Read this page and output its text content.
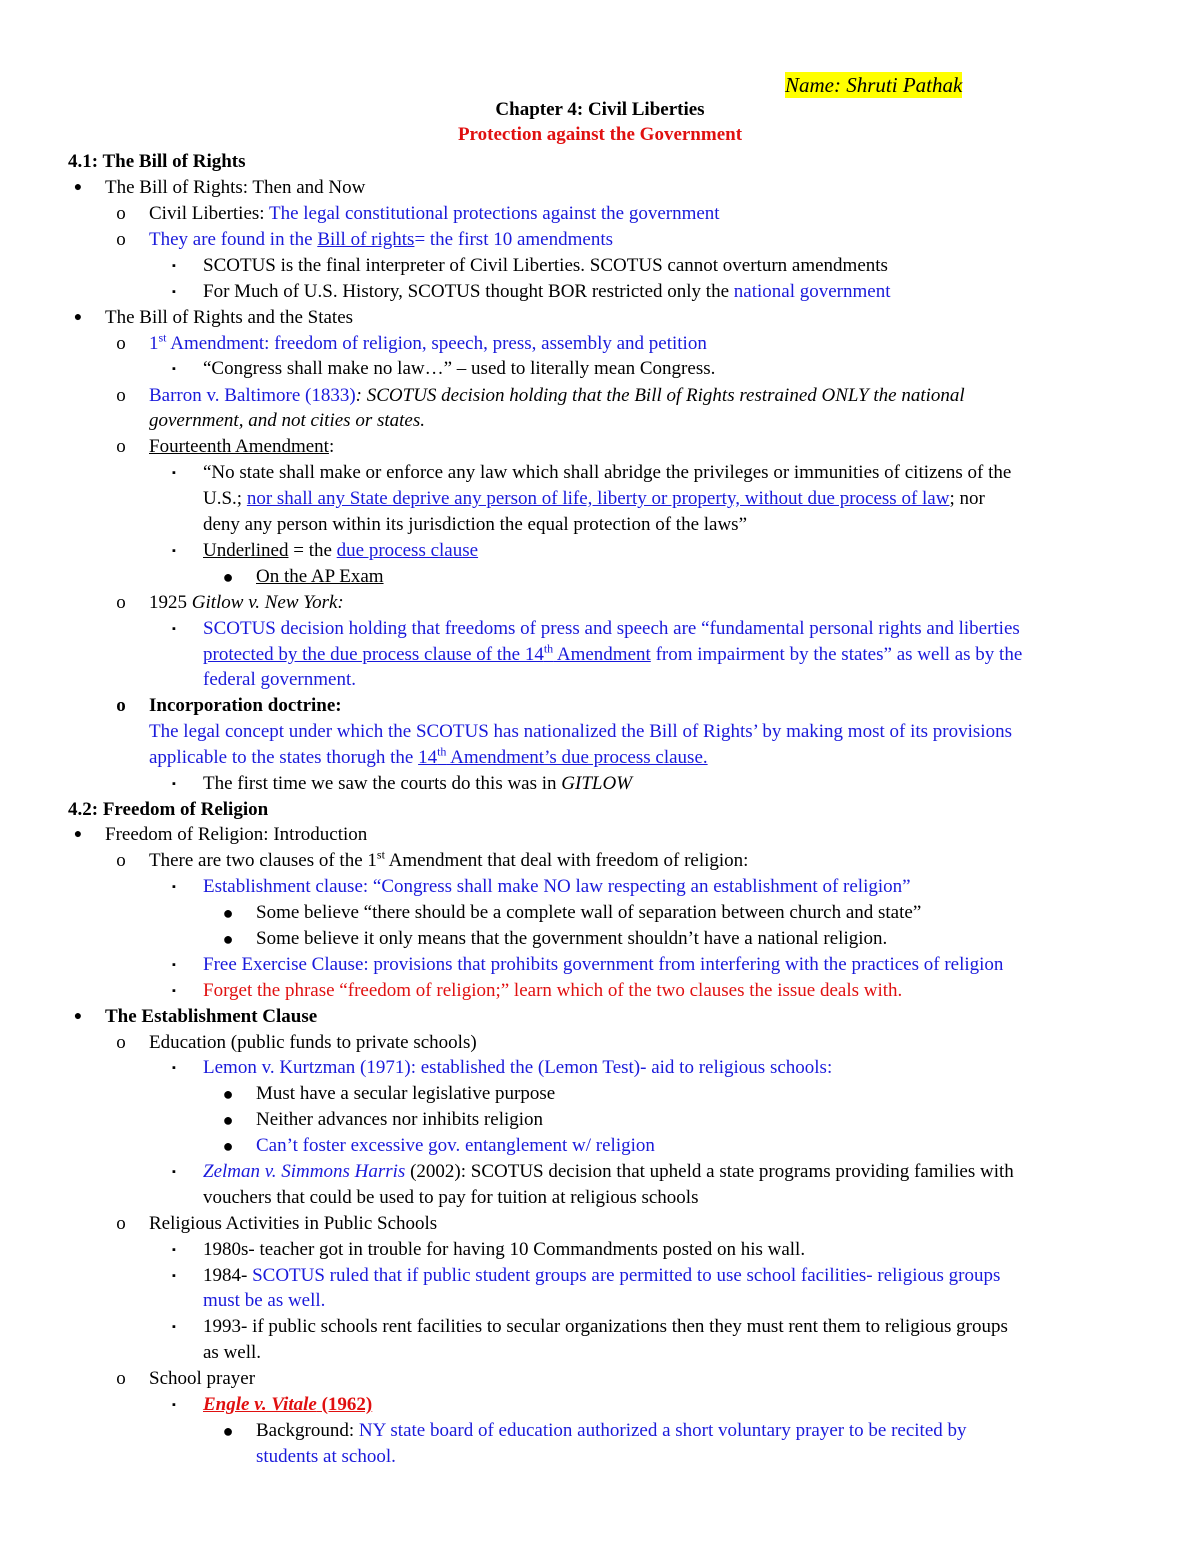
Name: Shruti Pathak
Chapter 4: Civil Liberties
Protection against the Government
4.1: The Bill of Rights
●	The Bill of Rights: Then and Now
o	Civil Liberties: The legal constitutional protections against the government
o	They are found in the Bill of rights= the first 10 amendments
▪	SCOTUS is the final interpreter of Civil Liberties. SCOTUS cannot overturn amendments
▪	For Much of U.S. History, SCOTUS thought BOR restricted only the national government
●	The Bill of Rights and the States
o	1st Amendment: freedom of religion, speech, press, assembly and petition
▪	“Congress shall make no law…” – used to literally mean Congress.
o	Barron v. Baltimore (1833): SCOTUS decision holding that the Bill of Rights restrained ONLY the national
government, and not cities or states.
o	Fourteenth Amendment:
▪	“No state shall make or enforce any law which shall abridge the privileges or immunities of citizens of the
U.S.; nor shall any State deprive any person of life, liberty or property, without due process of law; nor
deny any person within its jurisdiction the equal protection of the laws”
▪	Underlined = the due process clause
●	On the AP Exam
o	1925 Gitlow v. New York:
▪	SCOTUS decision holding that freedoms of press and speech are “fundamental personal rights and liberties
protected by the due process clause of the 14th Amendment from impairment by the states” as well as by the
federal government.
o	Incorporation doctrine:
The legal concept under which the SCOTUS has nationalized the Bill of Rights’ by making most of its provisions
applicable to the states thorugh the 14th Amendment’s due process clause.
▪	The first time we saw the courts do this was in GITLOW
4.2: Freedom of Religion
●	Freedom of Religion: Introduction
o	There are two clauses of the 1st Amendment that deal with freedom of religion:
▪	Establishment clause: “Congress shall make NO law respecting an establishment of religion”
●	Some believe “there should be a complete wall of separation between church and state”
●	Some believe it only means that the government shouldn’t have a national religion.
▪	Free Exercise Clause: provisions that prohibits government from interfering with the practices of religion
▪	Forget the phrase “freedom of religion;” learn which of the two clauses the issue deals with.
●	The Establishment Clause
o	Education (public funds to private schools)
▪	Lemon v. Kurtzman (1971): established the (Lemon Test)- aid to religious schools:
●	Must have a secular legislative purpose
●	Neither advances nor inhibits religion
●	Can’t foster excessive gov. entanglement w/ religion
▪	Zelman v. Simmons Harris (2002): SCOTUS decision that upheld a state programs providing families with
vouchers that could be used to pay for tuition at religious schools
o	Religious Activities in Public Schools
▪	1980s- teacher got in trouble for having 10 Commandments posted on his wall.
▪	1984- SCOTUS ruled that if public student groups are permitted to use school facilities- religious groups
must be as well.
▪	1993- if public schools rent facilities to secular organizations then they must rent them to religious groups
as well.
o	School prayer
▪	Engle v. Vitale (1962)
●	Background: NY state board of education authorized a short voluntary prayer to be recited by
students at school.
